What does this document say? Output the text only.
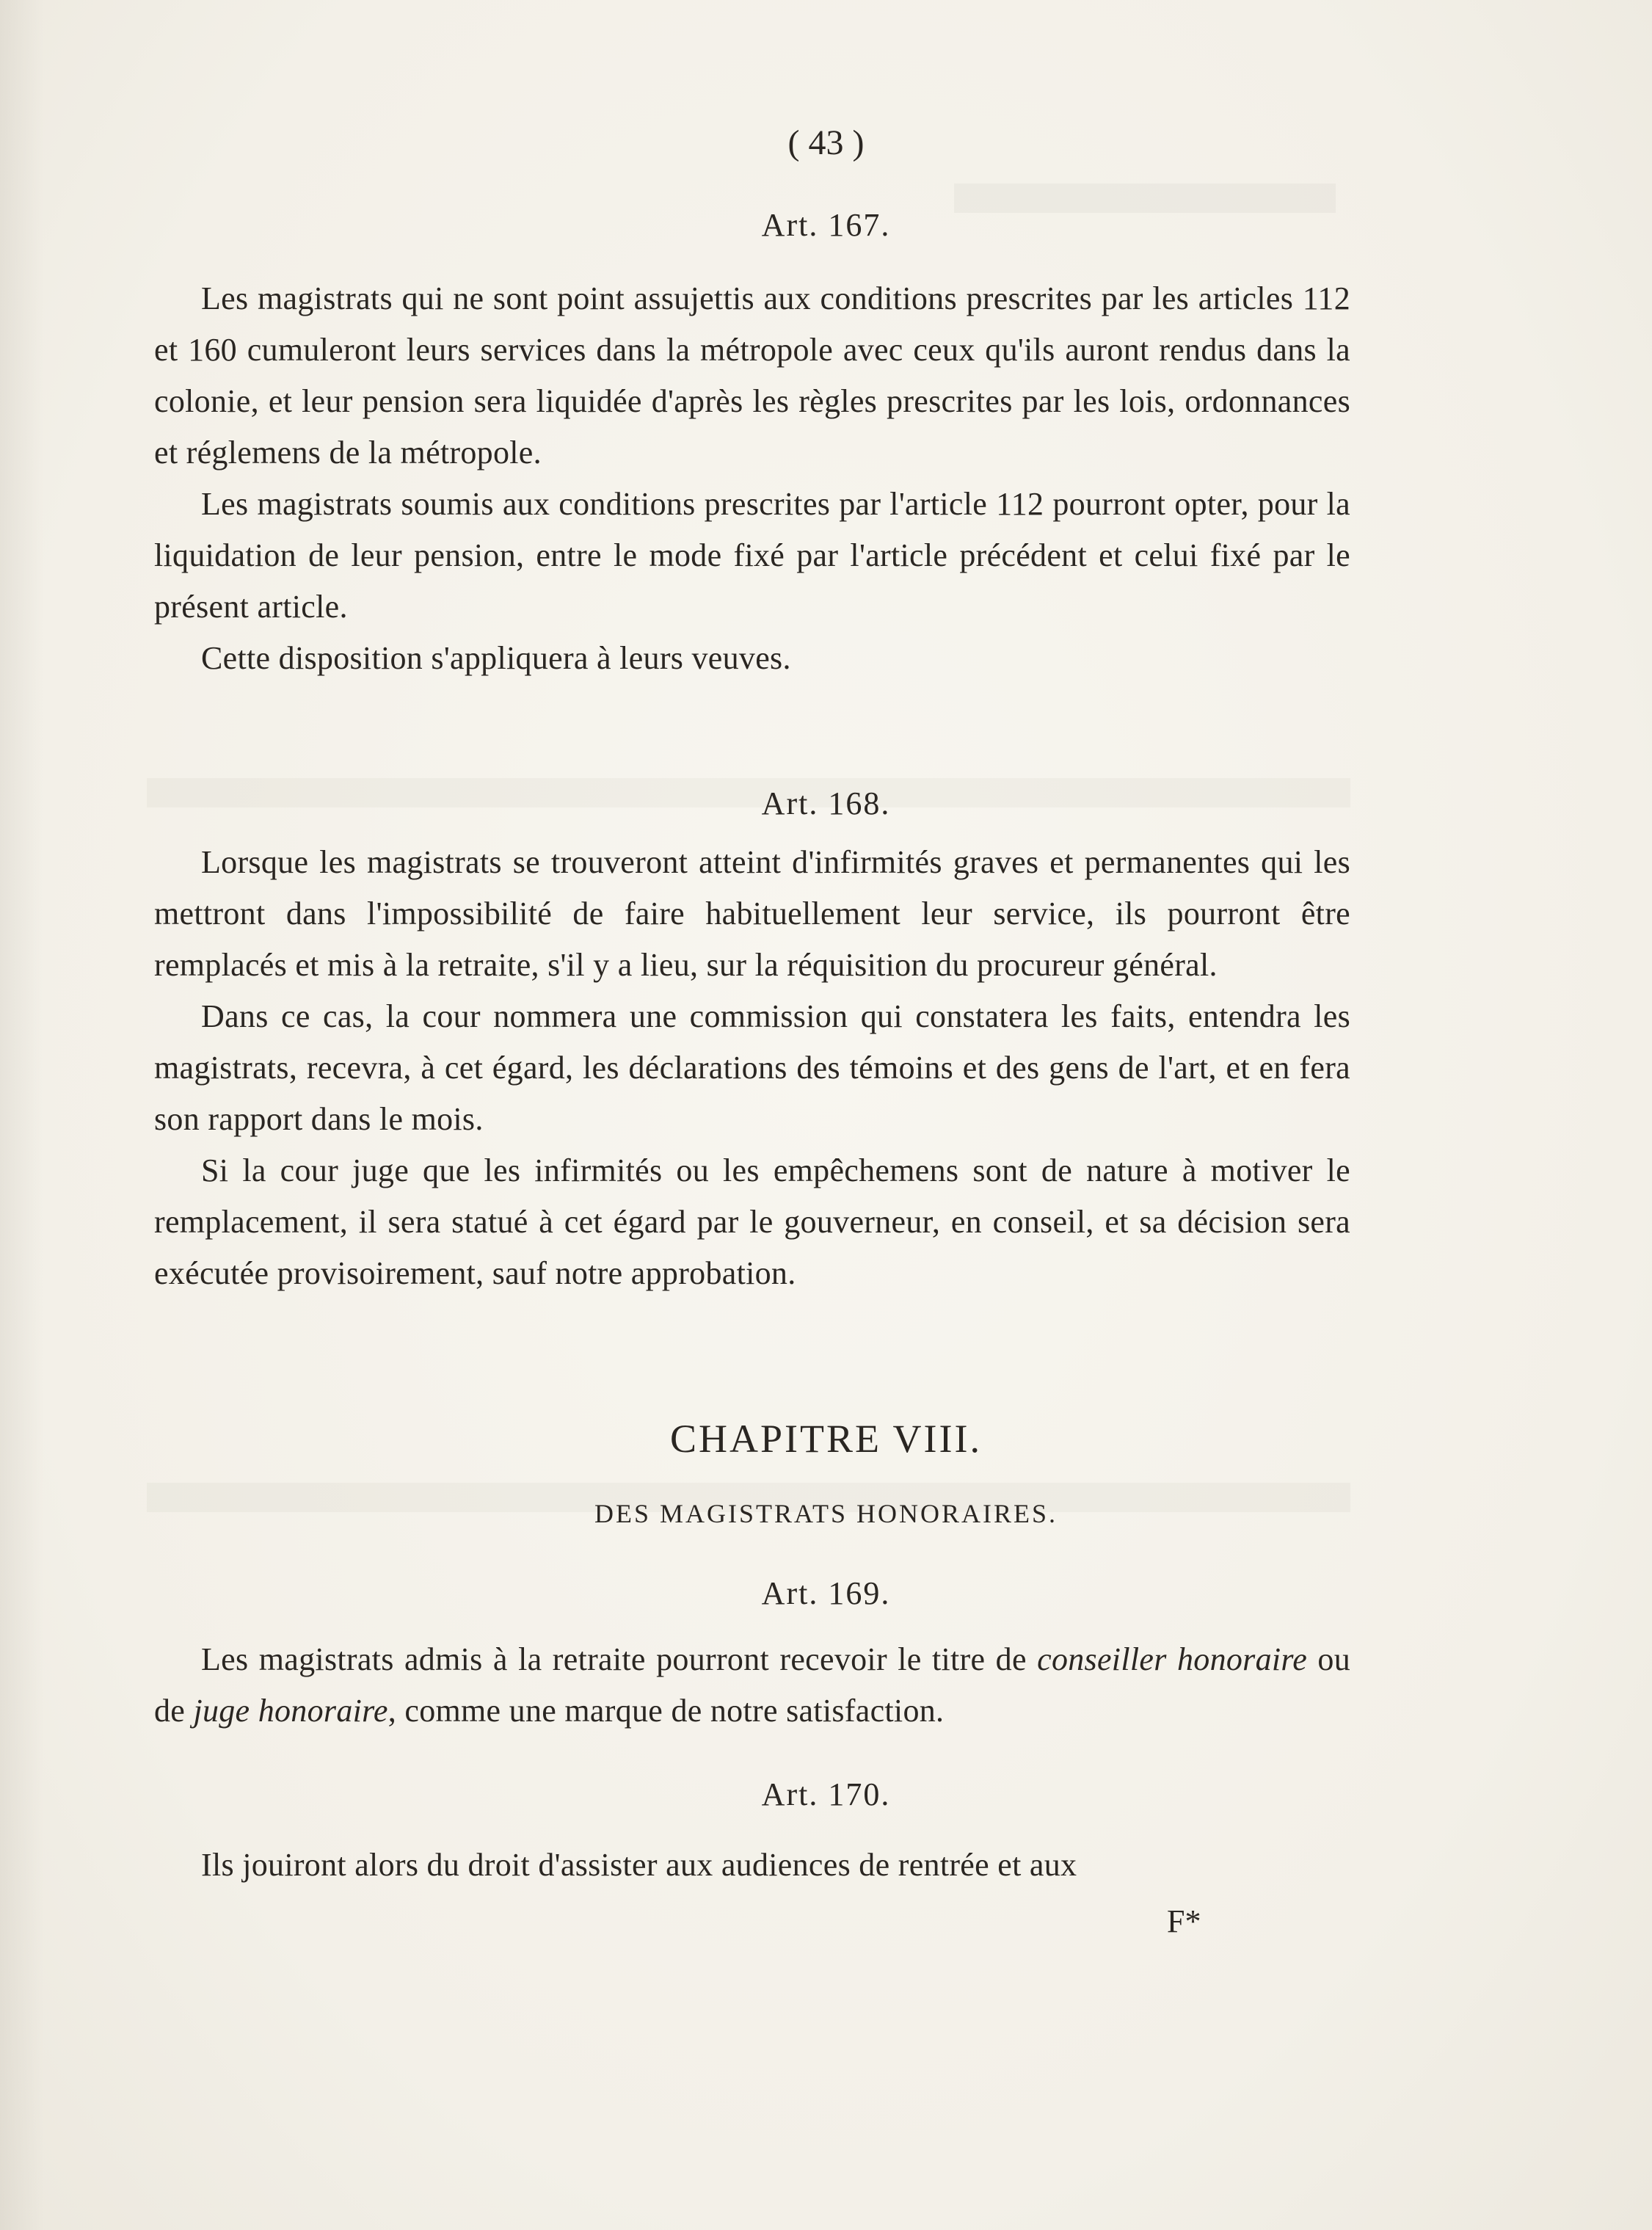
( 43 )
Art. 167.

Les magistrats qui ne sont point assujettis aux conditions prescrites par les articles 112 et 160 cumuleront leurs services dans la métropole avec ceux qu'ils auront rendus dans la colonie, et leur pension sera liquidée d'après les règles prescrites par les lois, ordonnances et réglemens de la métropole.

Les magistrats soumis aux conditions prescrites par l'article 112 pourront opter, pour la liquidation de leur pension, entre le mode fixé par l'article précédent et celui fixé par le présent article.

Cette disposition s'appliquera à leurs veuves.

Art. 168.

Lorsque les magistrats se trouveront atteint d'infirmités graves et permanentes qui les mettront dans l'impossibilité de faire habituellement leur service, ils pourront être remplacés et mis à la retraite, s'il y a lieu, sur la réquisition du procureur général.

Dans ce cas, la cour nommera une commission qui constatera les faits, entendra les magistrats, recevra, à cet égard, les déclarations des témoins et des gens de l'art, et en fera son rapport dans le mois.

Si la cour juge que les infirmités ou les empêchemens sont de nature à motiver le remplacement, il sera statué à cet égard par le gouverneur, en conseil, et sa décision sera exécutée provisoirement, sauf notre approbation.

CHAPITRE VIII.
DES MAGISTRATS HONORAIRES.
Art. 169.

Les magistrats admis à la retraite pourront recevoir le titre de conseiller honoraire ou de juge honoraire, comme une marque de notre satisfaction.

Art. 170.

Ils jouiront alors du droit d'assister aux audiences de rentrée et aux

F*
